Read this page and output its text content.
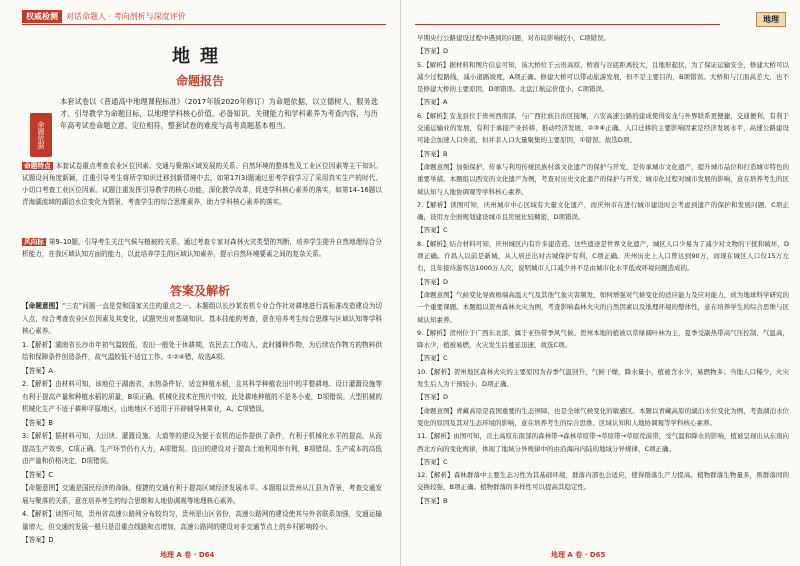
权威检测	对话命题人 · 考向剖析与深度评价
地理
命题报告
命题依据
本套试卷以《普通高中地理课程标准》（2017年版2020年修订）为命题依据，以立德树人、服务选才、引导教学为命题目标，以地理学科核心价值、必备知识、关键能力和学科素养为考查内容，与历年高考试卷命题立意、定位相符，整套试卷的难度与高考真题基本相当。
命题特点 本套试卷重点考查农业区位因素、交通与聚落区域发展的关系、自然环境的整体性及工业区位因素等主干知识。试题设问角度新颖，注重引导考生将所学知识迁移到新情境中去，如第17(3)题通过思考学前学习了采用真实生产的时代、小切口考查工业区位因素。试题注重发挥引导教学的核心功能，深化教学改革，促进学科核心素养的落实，如第14–16题以青海湖流域的湖泊水位变化为情景，考查学生的综合思维素养，助力学科核心素养的落实。
风向标 第9–10题，引导考生关注气候与植被的关系，通过考查专家对森林火灾类型的判断，培养学生提升自然地理综合分析能力，在我区域认知方面的能力，以此培养学生的区域认知素养，提示自然环境要素之间的复杂关系。
答案及解析

【命题意图】“三农”问题一直是党和国家关注的重点之一。本题组以长沙某农机专业合作社对耕地进行高标准改造建设为切入点，综合考查农业区位因素及其变化，试题突出对基础知识、基本技能的考查，意在培养考生综合思维与区域认知等学科核心素养。

1.【解析】湖南省长沙市年初气温较低，农田一般处于休耕期，农民去工作收入，此时播种作物，为后续农作物方的物料供给和保障条件创造条件，故气温较低不适宜工作。①②④错，故选A项。

【答案】A

2.【解析】由材料可知，该地位于湖南省，水热条件好，适宜种植水稻，且其科学种植农田中的平整耕地、设计灌溉设施等有利于提高产量和种植水稻的质量，B项正确。机械化技术在图片中较，此处耕地种植的不是冬小麦，D项错误。大型机械的机械化生产不适于耕种平原地区，山地地区不适用于开辟辅导林果业，A、C项错误。

【答案】B

3.【解析】据材料可知，大田块、灌溉设施、大道等的建设为便于农机的运作提供了条件，有利于机械化水平的提高，从而提高生产效率，C项正确。生产环节仍有人力，A项错误。良田的建设对于提高土地利用率有利，B项错误。生产成本的高低由产量和价格决定，D项错误。

【答案】C

【命题意图】交通是国民经济的命脉，便捷的交通有利于提高区域经济发展水平。本题组以贵州从江县为背景，考查交通发展与聚落的关系，意在培养考生的综合思维和人地协调观等地理核心素养。

4.【解析】读图可知，贵州省高速公路网分布较均匀，贵州是山区省份，高速公路网的建设使其与外省联系加强，交通运输量增大，但交通的发展一般只是沿重点线路和点增加，高速公路网的建设对非交通节点上的乡村影响较小。

【答案】D

地理 A 卷 · D64
地理

早期央行公路建设过程中遇到的问题，对布局影响较小，C项错误。

【答案】D

5.【解析】据材料和图片信息可知，该大桥位于云贵高原，桥面与谷底距离较大，且地形起伏，为了保证运输安全，修建大桥可以减少过程路线，减小道路坡度，A项正确。修建大桥可以带动旅游发展，但不是主要目的，B项错误。大桥和与江面高差大，也不是修建大桥的主要原因，D项错误。北盘江航运价值小，C项错误。

【答案】A

6.【解析】安龙县位于贵州西南部，与广西壮族自治区接壤，六安高速公路的建成使得安龙与外界联系更便捷，交通便利，有利于交通运输业的发展，有利于承接产业转移，推动经济发展，②③④正确。人口迁移的主要影响因素是经济发展水平，高速公路建设可能会加速人口外流，但并非人口大量聚集的主要原因，①错误。故选D项。

【答案】B

【命题意图】加强保护、传承与利用传统民族村落文化遗产的保护与开发，是传承城市文化遗产，提升城市品位和打造城市特色的重要举措。本题组以西安的文化遗产为例，考查对历史文化遗产的保护与开发、城市化过程对城市发展的影响，意在培养考生的区域认知与人地协调观等学科核心素养。

7.【解析】读图可知，庆州城市中心区域有大量文化遗产，而庆州市在进行城市建设时会考虑到遗产的保护和发展问题，C项正确，设用方全面规划建设城市且房屋比较稠密，D项错误。

【答案】C

8.【解析】结合材料可知，庆州城区内有许多建造造。这些遗迹是世界文化遗产，城区人口少易为了减少对文物的干扰和破坏，D项正确。许昌人以前是新城，从人居迁出对古城保护有利，C项正确。庆州历史上人口曾达到90万，而现在城区人口仅15万左右，且年接待游客达1000万人次，说明城市人口减少并不是由城市化水平低或环境问题造成的。

【答案】D

【命题意图】气候变化导致极端高温天气及其他气象灾害频发，如何增强对气候变化的适应能力及应对能力，成为地球科学研究的一个重要课题。本题组以贺州森林火灾为例，考查影响森林火灾的自然因素以及地理环境的整体性，意在培养学生的综合思维与区域认知素养。

9.【解析】贺州位于广西东北部，属于亚热带季风气候。贺州本地的植被以常绿阔叶林为主，夏季受副热带高气压控制，气温高，降水少，植被易燃，火灾发生后蔓延迅速，故选C项。

【答案】C

10.【解析】贺州地区森林火灾的主要原因为春季气温回升，气候干燥，降水量小，植被含水少，易燃物多；当地人口稀少，火灾发生后人为干预较小，D项正确。

【答案】D

【命题意图】青藏高原是我国重要的生态屏障，也是全球气候变化的敏感区。本题以青藏高原的湖泊水位变化为例，考查湖泊水位变化的原因及其对生态环境的影响，意在培养考生的综合思维、区域认知和人地协调观等学科核心素养。

11.【解析】由图可知，贡土高原东南部的森林带→森林草原带→草原带→草原荒漠带，受气温和降水的影响，植被呈现出从东南向西北方向的变化规律，体现了地域分异规律中的由沿海向内陆的地域分异规律，C项正确。

【答案】C

12.【解析】森林群落中主要生态习性为其基础环境，群落内部也会适应，使得群落生产力提高。植物群落生物量多，则群落间的交换较强，B项正确。植物群落的多样性可以提高其稳定性。

【答案】B

地理 A 卷 · D65
